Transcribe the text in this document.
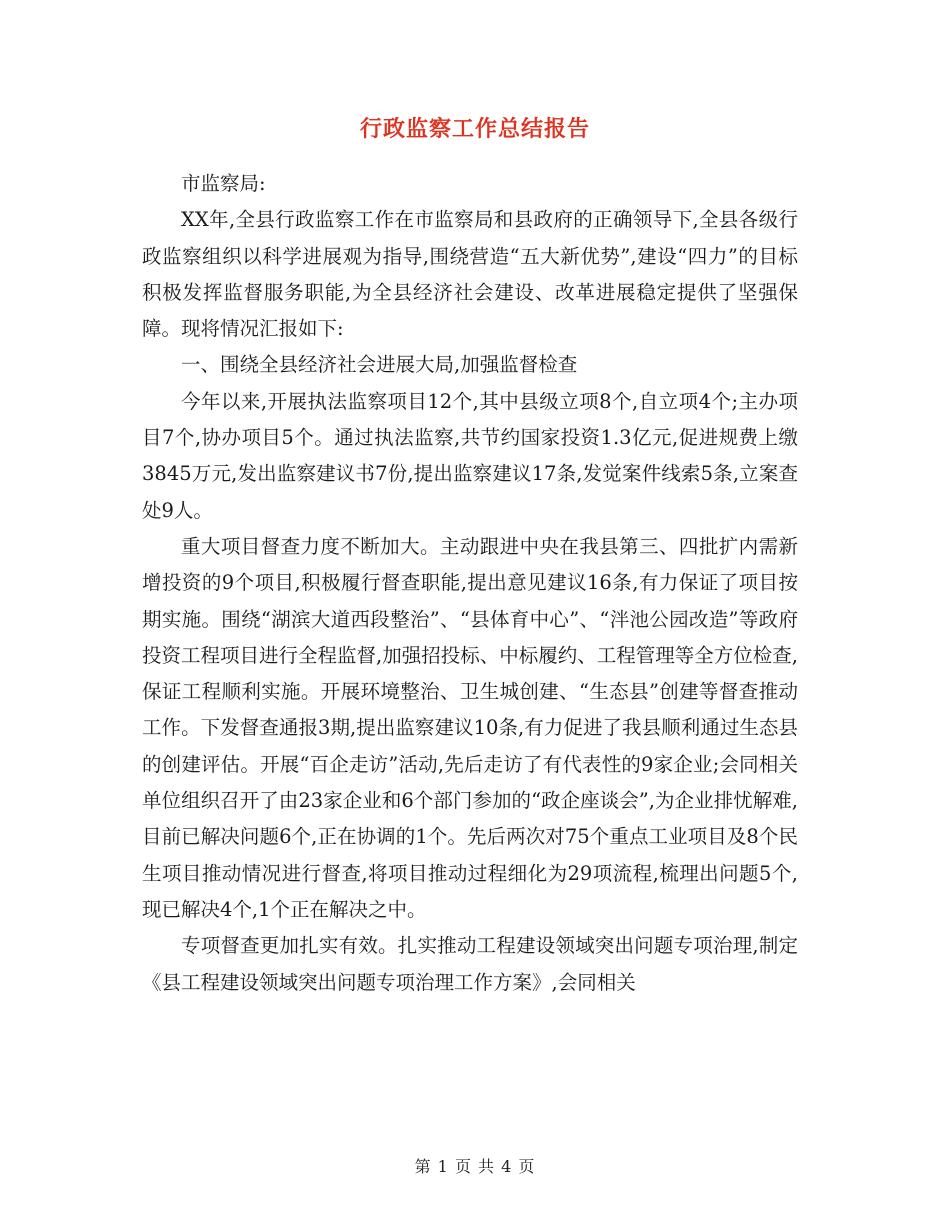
行政监察工作总结报告

市监察局:

XX年,全县行政监察工作在市监察局和县政府的正确领导下,全县各级行政监察组织以科学进展观为指导,围绕营造“五大新优势”,建设“四力”的目标积极发挥监督服务职能,为全县经济社会建设、改革进展稳定提供了坚强保障。现将情况汇报如下:

一、围绕全县经济社会进展大局,加强监督检查

今年以来,开展执法监察项目12个,其中县级立项8个,自立项4个;主办项目7个,协办项目5个。通过执法监察,共节约国家投资1.3亿元,促进规费上缴3845万元,发出监察建议书7份,提出监察建议17条,发觉案件线索5条,立案查处9人。

重大项目督查力度不断加大。主动跟进中央在我县第三、四批扩内需新增投资的9个项目,积极履行督查职能,提出意见建议16条,有力保证了项目按期实施。围绕“湖滨大道西段整治”、“县体育中心”、“泮池公园改造”等政府投资工程项目进行全程监督,加强招投标、中标履约、工程管理等全方位检查,保证工程顺利实施。开展环境整治、卫生城创建、“生态县”创建等督查推动工作。下发督查通报3期,提出监察建议10条,有力促进了我县顺利通过生态县的创建评估。开展“百企走访”活动,先后走访了有代表性的9家企业;会同相关单位组织召开了由23家企业和6个部门参加的“政企座谈会”,为企业排忧解难,目前已解决问题6个,正在协调的1个。先后两次对75个重点工业项目及8个民生项目推动情况进行督查,将项目推动过程细化为29项流程,梳理出问题5个,现已解决4个,1个正在解决之中。

专项督查更加扎实有效。扎实推动工程建设领域突出问题专项治理,制定《县工程建设领域突出问题专项治理工作方案》,会同相关

第 1 页 共 4 页
